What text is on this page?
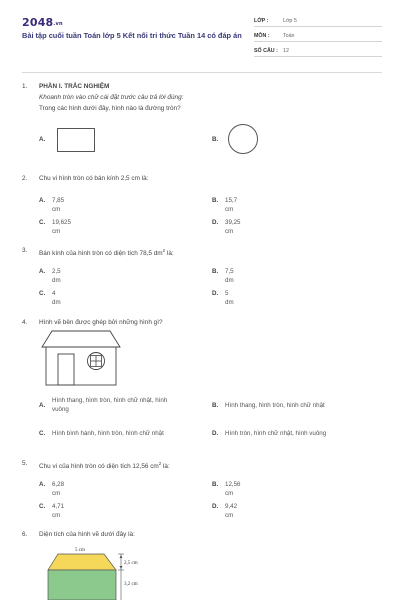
2048.vn
Bài tập cuối tuần Toán lớp 5 Kết nối tri thức Tuần 14 có đáp án
LỚP :	Lớp 5
MÔN :	Toán
SỐ CÂU : 12
1.	PHẦN I. TRẮC NGHIỆM
Khoanh tròn vào chữ cái đặt trước câu trả lời đúng:
Trong các hình dưới đây, hình nào là đường tròn?
A.	B.
2.	Chu vi hình tròn có bán kính 2,5 cm là:
A. 7,85 cm
B. 15,7 cm
C. 19,625 cm
D. 39,25 cm
3.	Bán kính của hình tròn có diện tích 78,5 $dm^2$ là:
A. 2,5 dm
B. 7,5 dm
C. 4 dm
D. 5 dm
4.	Hình vẽ bên được ghép bởi những hình gì?
A.
Hình thang, hình tròn, hình chữ nhật, hình
vuông	B. Hình thang, hình tròn, hình chữ nhật
C. Hình bình hành, hình tròn, hình chữ nhật	D. Hình tròn, hình chữ nhật, hình vuông
5.	Chu vi của hình tròn có diện tích 12,56 $cm^2$ là:
A. 6,28 cm
B. 12,56 cm
C. 4,71 cm
D. 9,42 cm
6.	Diện tích của hình vẽ dưới đây là:
5 cm
2,5 cm
3,2 cm
